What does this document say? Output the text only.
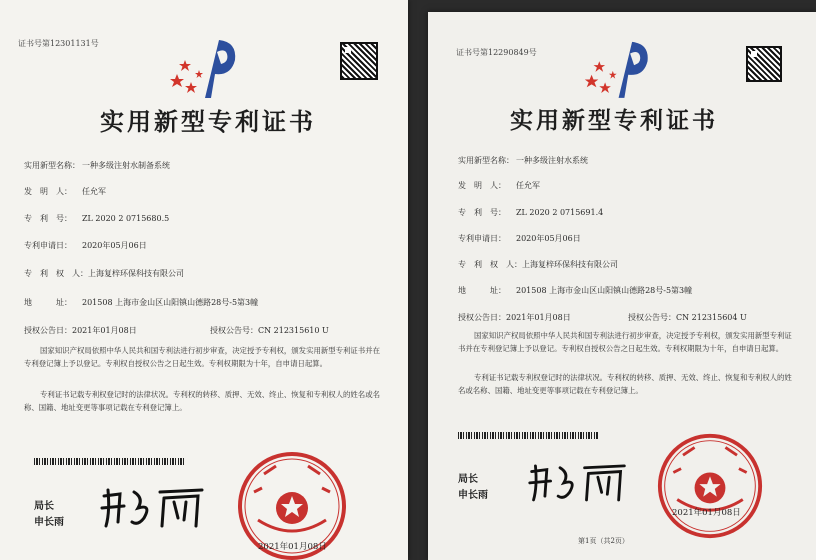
证书号第12301131号
实用新型专利证书
实用新型名称： 一种多级注射水制备系统
发　明　人： 任允军
专　利　号： ZL 2020 2 0715680.5
专利申请日： 2020年05月06日
专　利　权　人：上海复梓环保科技有限公司
地　　　址： 201508 上海市金山区山阳镇山德路28号-5第3幢
授权公告日：2021年01月08日	授权公告号：CN 212315610 U
国家知识产权局依照中华人民共和国专利法进行初步审查，决定授予专利权，颁发实用新型专利证书并在专利登记簿上予以登记。专利权自授权公告之日起生效。专利权期限为十年，自申请日起算。
专利证书记载专利权登记时的法律状况。专利权的转移、质押、无效、终止、恢复和专利权人的姓名或名称、国籍、地址变更等事项记载在专利登记簿上。
局长
申长雨
2021年01月08日
证书号第12290849号
实用新型专利证书
实用新型名称： 一种多级注射水系统
发　明　人： 任允军
专　利　号： ZL 2020 2 0715691.4
专利申请日： 2020年05月06日
专　利　权　人：上海复梓环保科技有限公司
地　　　址： 201508 上海市金山区山阳镇山德路28号-5第3幢
授权公告日：2021年01月08日	授权公告号：CN 212315604 U
国家知识产权局依照中华人民共和国专利法进行初步审查，决定授予专利权，颁发实用新型专利证书并在专利登记簿上予以登记。专利权自授权公告之日起生效。专利权期限为十年，自申请日起算。
专利证书记载专利权登记时的法律状况。专利权的转移、质押、无效、终止、恢复和专利权人的姓名或名称、国籍、地址变更等事项记载在专利登记簿上。
局长
申长雨
2021年01月08日
第1页（共2页）
